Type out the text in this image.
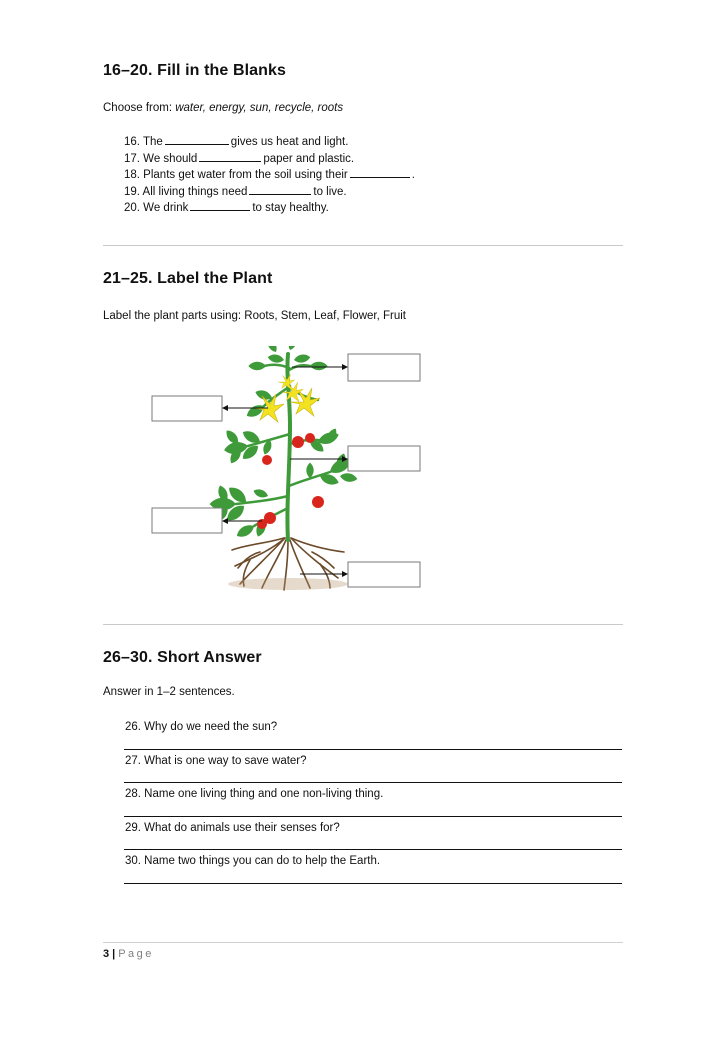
16–20. Fill in the Blanks

Choose from: water, energy, sun, recycle, roots

16. The	gives us heat and light.
17. We should	paper and plastic.
18. Plants get water from the soil using their	.
19. All living things need	to live.
20. We drink	to stay healthy.
21–25. Label the Plant

Label the plant parts using: Roots, Stem, Leaf, Flower, Fruit

26–30. Short Answer

Answer in 1–2 sentences.

26. Why do we need the sun?
27. What is one way to save water?
28. Name one living thing and one non-living thing.
29. What do animals use their senses for?
30. Name two things you can do to help the Earth.
3 | Page
